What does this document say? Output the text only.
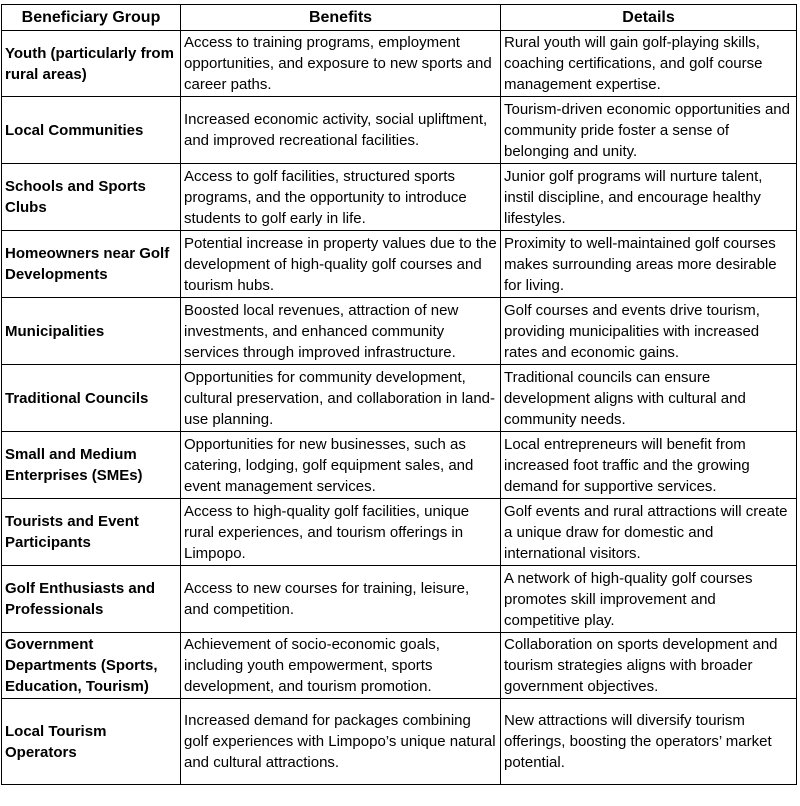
Beneficiary Group	Benefits	Details
Youth (particularly from rural areas)	Access to training programs, employment opportunities, and exposure to new sports and career paths.	Rural youth will gain golf-playing skills, coaching certifications, and golf course management expertise.
Local Communities	Increased economic activity, social upliftment, and improved recreational facilities.	Tourism-driven economic opportunities and community pride foster a sense of belonging and unity.
Schools and Sports Clubs	Access to golf facilities, structured sports programs, and the opportunity to introduce students to golf early in life.	Junior golf programs will nurture talent, instil discipline, and encourage healthy lifestyles.
Homeowners near Golf Developments	Potential increase in property values due to the development of high-quality golf courses and tourism hubs.	Proximity to well-maintained golf courses makes surrounding areas more desirable for living.
Municipalities	Boosted local revenues, attraction of new investments, and enhanced community services through improved infrastructure.	Golf courses and events drive tourism, providing municipalities with increased rates and economic gains.
Traditional Councils	Opportunities for community development, cultural preservation, and collaboration in land-use planning.	Traditional councils can ensure development aligns with cultural and community needs.
Small and Medium Enterprises (SMEs)	Opportunities for new businesses, such as catering, lodging, golf equipment sales, and event management services.	Local entrepreneurs will benefit from increased foot traffic and the growing demand for supportive services.
Tourists and Event Participants	Access to high-quality golf facilities, unique rural experiences, and tourism offerings in Limpopo.	Golf events and rural attractions will create a unique draw for domestic and international visitors.
Golf Enthusiasts and Professionals	Access to new courses for training, leisure, and competition.	A network of high-quality golf courses promotes skill improvement and competitive play.
Government Departments (Sports, Education, Tourism)	Achievement of socio-economic goals, including youth empowerment, sports development, and tourism promotion.	Collaboration on sports development and tourism strategies aligns with broader government objectives.
Local Tourism Operators	Increased demand for packages combining golf experiences with Limpopo’s unique natural and cultural attractions.	New attractions will diversify tourism offerings, boosting the operators’ market potential.
